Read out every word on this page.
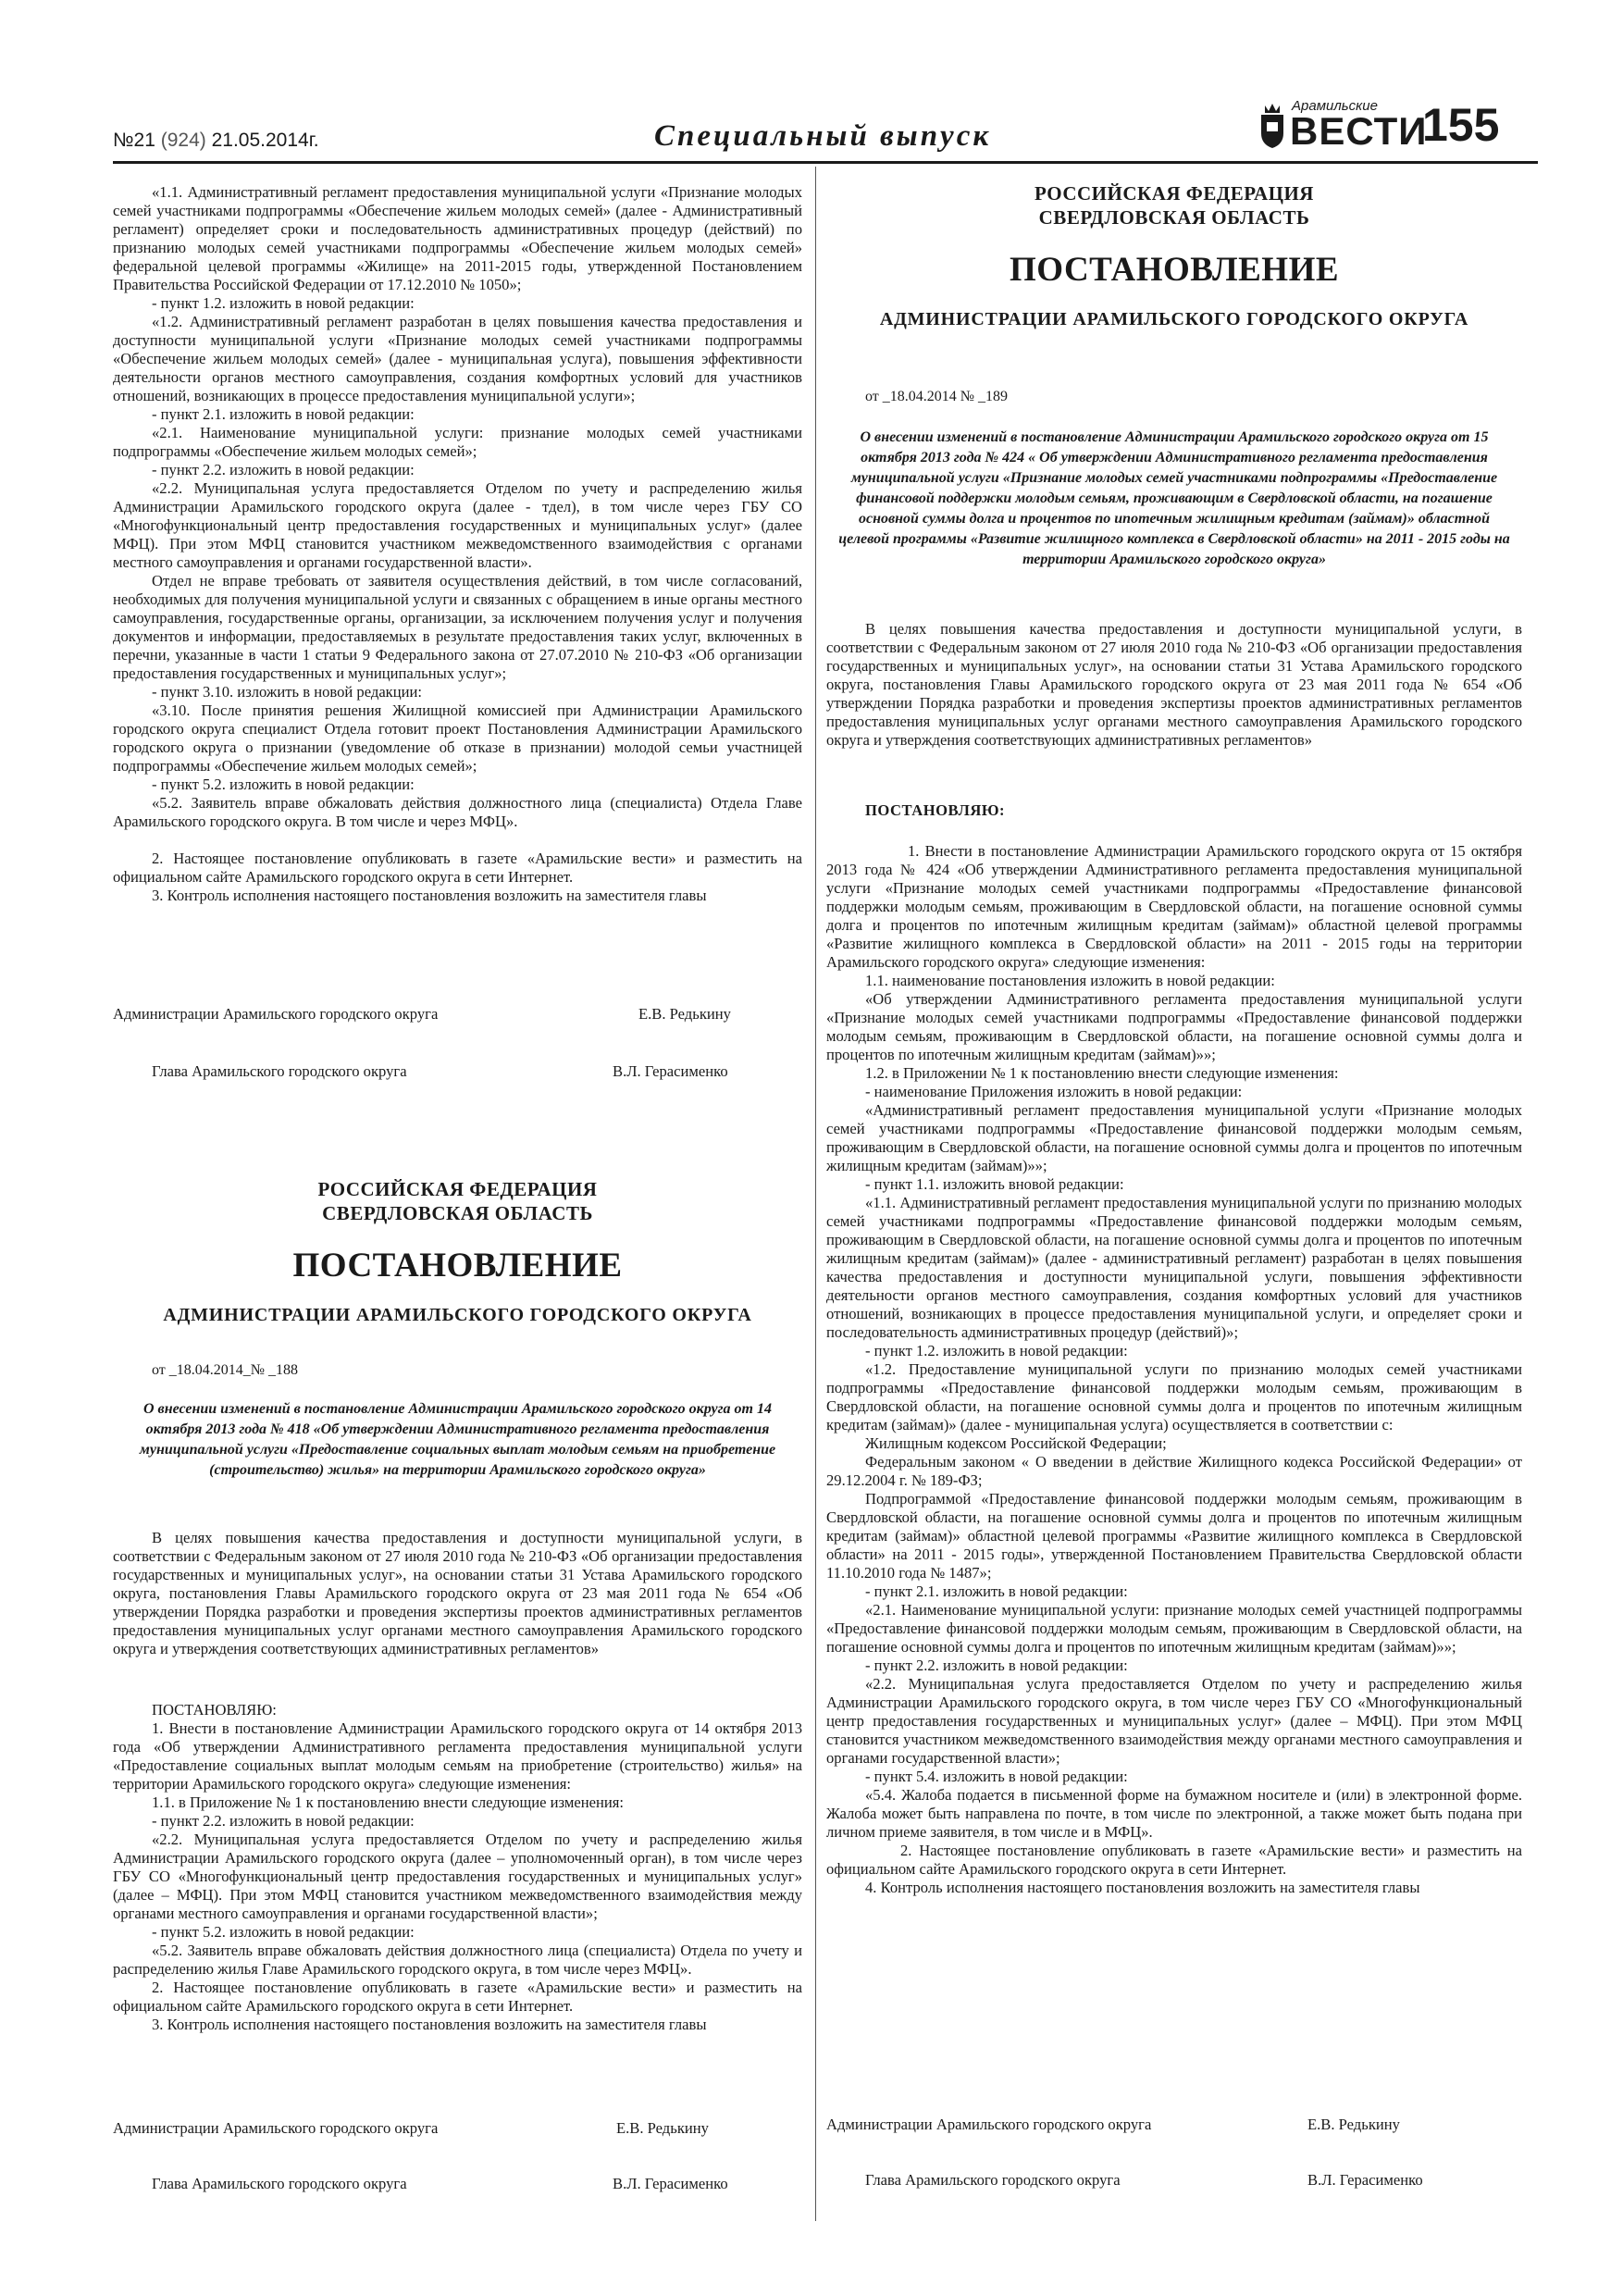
№21 (924) 21.05.2014г.	Специальный выпуск
Арамильские
ВЕСТИ
155

«1.1. Административный регламент предоставления муниципальной услуги «Признание молодых семей участниками подпрограммы «Обеспечение жильем молодых семей» (далее - Административный регламент) определяет сроки и последовательность административных процедур (действий) по признанию молодых семей участниками подпрограммы «Обеспечение жильем молодых семей» федеральной целевой программы «Жилище» на 2011-2015 годы, утвержденной Постановлением Правительства Российской Федерации от 17.12.2010 № 1050»;

- пункт 1.2. изложить в новой редакции:

«1.2. Административный регламент разработан в целях повышения качества предоставления и доступности муниципальной услуги «Признание молодых семей участниками подпрограммы «Обеспечение жильем молодых семей» (далее - муниципальная услуга), повышения эффективности деятельности органов местного самоуправления, создания комфортных условий для участников отношений, возникающих в процессе предоставления муниципальной услуги»;

- пункт 2.1. изложить в новой редакции:

«2.1. Наименование муниципальной услуги: признание молодых семей участниками подпрограммы «Обеспечение жильем молодых семей»;

- пункт 2.2. изложить в новой редакции:

«2.2. Муниципальная услуга предоставляется Отделом по учету и распределению жилья Администрации Арамильского городского округа (далее - тдел), в том числе через ГБУ СО «Многофункциональный центр предоставления государственных и муниципальных услуг» (далее МФЦ). При этом МФЦ становится участником межведомственного взаимодействия с органами местного самоуправления и органами государственной власти».

Отдел не вправе требовать от заявителя осуществления действий, в том числе согласований, необходимых для получения муниципальной услуги и связанных с обращением в иные органы местного самоуправления, государственные органы, организации, за исключением получения услуг и получения документов и информации, предоставляемых в результате предоставления таких услуг, включенных в перечни, указанные в части 1 статьи 9 Федерального закона от 27.07.2010 № 210-ФЗ «Об организации предоставления государственных и муниципальных услуг»;

- пункт 3.10. изложить в новой редакции:

«3.10. После принятия решения Жилищной комиссией при Администрации Арамильского городского округа специалист Отдела готовит проект Постановления Администрации Арамильского городского округа о признании (уведомление об отказе в признании) молодой семьи участницей подпрограммы «Обеспечение жильем молодых семей»;

- пункт 5.2. изложить в новой редакции:

«5.2. Заявитель вправе обжаловать действия должностного лица (специалиста) Отдела Главе Арамильского городского округа. В том числе и через МФЦ».

2. Настоящее постановление опубликовать в газете «Арамильские вести» и разместить на официальном сайте Арамильского городского округа в сети Интернет.

3. Контроль исполнения настоящего постановления возложить на заместителя главы

Администрации Арамильского городского округа	Е.В. Редькину
Глава Арамильского городского округа	В.Л. Герасименко
РОССИЙСКАЯ ФЕДЕРАЦИЯ
СВЕРДЛОВСКАЯ ОБЛАСТЬ
ПОСТАНОВЛЕНИЕ
АДМИНИСТРАЦИИ АРАМИЛЬСКОГО ГОРОДСКОГО ОКРУГА
от _18.04.2014_№ _188
О внесении изменений в постановление Администрации Арамильского городского округа от 14 октября 2013 года № 418 «Об утверждении Административного регламента предоставления муниципальной услуги «Предоставление социальных выплат молодым семьям на приобретение (строительство) жилья» на территории Арамильского городского округа»

В целях повышения качества предоставления и доступности муниципальной услуги, в соответствии с Федеральным законом от 27 июля 2010 года № 210-ФЗ «Об организации предоставления государственных и муниципальных услуг», на основании статьи 31 Устава Арамильского городского округа, постановления Главы Арамильского городского округа от 23 мая 2011 года № 654 «Об утверждении Порядка разработки и проведения экспертизы проектов административных регламентов предоставления муниципальных услуг органами местного самоуправления Арамильского городского округа и утверждения соответствующих административных регламентов»

ПОСТАНОВЛЯЮ:

1. Внести в постановление Администрации Арамильского городского округа от 14 октября 2013 года «Об утверждении Административного регламента предоставления муниципальной услуги «Предоставление социальных выплат молодым семьям на приобретение (строительство) жилья» на территории Арамильского городского округа» следующие изменения:

1.1. в Приложение № 1 к постановлению внести следующие изменения:

- пункт 2.2. изложить в новой редакции:

«2.2. Муниципальная услуга предоставляется Отделом по учету и распределению жилья Администрации Арамильского городского округа (далее – уполномоченный орган), в том числе через ГБУ СО «Многофункциональный центр предоставления государственных и муниципальных услуг» (далее – МФЦ). При этом МФЦ становится участником межведомственного взаимодействия между органами местного самоуправления и органами государственной власти»;

- пункт 5.2. изложить в новой редакции:

«5.2. Заявитель вправе обжаловать действия должностного лица (специалиста) Отдела по учету и распределению жилья Главе Арамильского городского округа, в том числе через МФЦ».

2. Настоящее постановление опубликовать в газете «Арамильские вести» и разместить на официальном сайте Арамильского городского округа в сети Интернет.

3. Контроль исполнения настоящего постановления возложить на заместителя главы

Администрации Арамильского городского округа	Е.В. Редькину
Глава Арамильского городского округа	В.Л. Герасименко
РОССИЙСКАЯ ФЕДЕРАЦИЯ
СВЕРДЛОВСКАЯ ОБЛАСТЬ
ПОСТАНОВЛЕНИЕ
АДМИНИСТРАЦИИ АРАМИЛЬСКОГО ГОРОДСКОГО ОКРУГА
от _18.04.2014 № _189
О внесении изменений в постановление Администрации Арамильского городского округа от 15 октября 2013 года № 424 « Об утверждении Административного регламента предоставления муниципальной услуги «Признание молодых семей участниками подпрограммы «Предоставление финансовой поддержки молодым семьям, проживающим в Свердловской области, на погашение основной суммы долга и процентов по ипотечным жилищным кредитам (займам)» областной целевой программы «Развитие жилищного комплекса в Свердловской области» на 2011 - 2015 годы на территории Арамильского городского округа»

В целях повышения качества предоставления и доступности муниципальной услуги, в соответствии с Федеральным законом от 27 июля 2010 года № 210-ФЗ «Об организации предоставления государственных и муниципальных услуг», на основании статьи 31 Устава Арамильского городского округа, постановления Главы Арамильского городского округа от 23 мая 2011 года № 654 «Об утверждении Порядка разработки и проведения экспертизы проектов административных регламентов предоставления муниципальных услуг органами местного самоуправления Арамильского городского округа и утверждения соответствующих административных регламентов»

ПОСТАНОВЛЯЮ:

1. Внести в постановление Администрации Арамильского городского округа от 15 октября 2013 года № 424 «Об утверждении Административного регламента предоставления муниципальной услуги «Признание молодых семей участниками подпрограммы «Предоставление финансовой поддержки молодым семьям, проживающим в Свердловской области, на погашение основной суммы долга и процентов по ипотечным жилищным кредитам (займам)» областной целевой программы «Развитие жилищного комплекса в Свердловской области» на 2011 - 2015 годы на территории Арамильского городского округа» следующие изменения:

1.1. наименование постановления изложить в новой редакции:

«Об утверждении Административного регламента предоставления муниципальной услуги «Признание молодых семей участниками подпрограммы «Предоставление финансовой поддержки молодым семьям, проживающим в Свердловской области, на погашение основной суммы долга и процентов по ипотечным жилищным кредитам (займам)»»;

1.2. в Приложении № 1 к постановлению внести следующие изменения:

- наименование Приложения изложить в новой редакции:

«Административный регламент предоставления муниципальной услуги «Признание молодых семей участниками подпрограммы «Предоставление финансовой поддержки молодым семьям, проживающим в Свердловской области, на погашение основной суммы долга и процентов по ипотечным жилищным кредитам (займам)»»;

- пункт 1.1. изложить вновой редакции:

«1.1. Административный регламент предоставления муниципальной услуги по признанию молодых семей участниками подпрограммы «Предоставление финансовой поддержки молодым семьям, проживающим в Свердловской области, на погашение основной суммы долга и процентов по ипотечным жилищным кредитам (займам)» (далее - административный регламент) разработан в целях повышения качества предоставления и доступности муниципальной услуги, повышения эффективности деятельности органов местного самоуправления, создания комфортных условий для участников отношений, возникающих в процессе предоставления муниципальной услуги, и определяет сроки и последовательность административных процедур (действий)»;

- пункт 1.2. изложить в новой редакции:

«1.2. Предоставление муниципальной услуги по признанию молодых семей участниками подпрограммы «Предоставление финансовой поддержки молодым семьям, проживающим в Свердловской области, на погашение основной суммы долга и процентов по ипотечным жилищным кредитам (займам)» (далее - муниципальная услуга) осуществляется в соответствии с:

Жилищным кодексом Российской Федерации;

Федеральным законом « О введении в действие Жилищного кодекса Российской Федерации» от 29.12.2004 г. № 189-ФЗ;

Подпрограммой «Предоставление финансовой поддержки молодым семьям, проживающим в Свердловской области, на погашение основной суммы долга и процентов по ипотечным жилищным кредитам (займам)» областной целевой программы «Развитие жилищного комплекса в Свердловской области» на 2011 - 2015 годы», утвержденной Постановлением Правительства Свердловской области 11.10.2010 года № 1487»;

- пункт 2.1. изложить в новой редакции:

«2.1. Наименование муниципальной услуги: признание молодых семей участницей подпрограммы «Предоставление финансовой поддержки молодым семьям, проживающим в Свердловской области, на погашение основной суммы долга и процентов по ипотечным жилищным кредитам (займам)»»;

- пункт 2.2. изложить в новой редакции:

«2.2. Муниципальная услуга предоставляется Отделом по учету и распределению жилья Администрации Арамильского городского округа, в том числе через ГБУ СО «Многофункциональный центр предоставления государственных и муниципальных услуг» (далее – МФЦ). При этом МФЦ становится участником межведомственного взаимодействия между органами местного самоуправления и органами государственной власти»;

- пункт 5.4. изложить в новой редакции:

«5.4. Жалоба подается в письменной форме на бумажном носителе и (или) в электронной форме. Жалоба может быть направлена по почте, в том числе по электронной, а также может быть подана при личном приеме заявителя, в том числе и в МФЦ».

2. Настоящее постановление опубликовать в газете «Арамильские вести» и разместить на официальном сайте Арамильского городского округа в сети Интернет.

4. Контроль исполнения настоящего постановления возложить на заместителя главы

Администрации Арамильского городского округа	Е.В. Редькину
Глава Арамильского городского округа	В.Л. Герасименко
